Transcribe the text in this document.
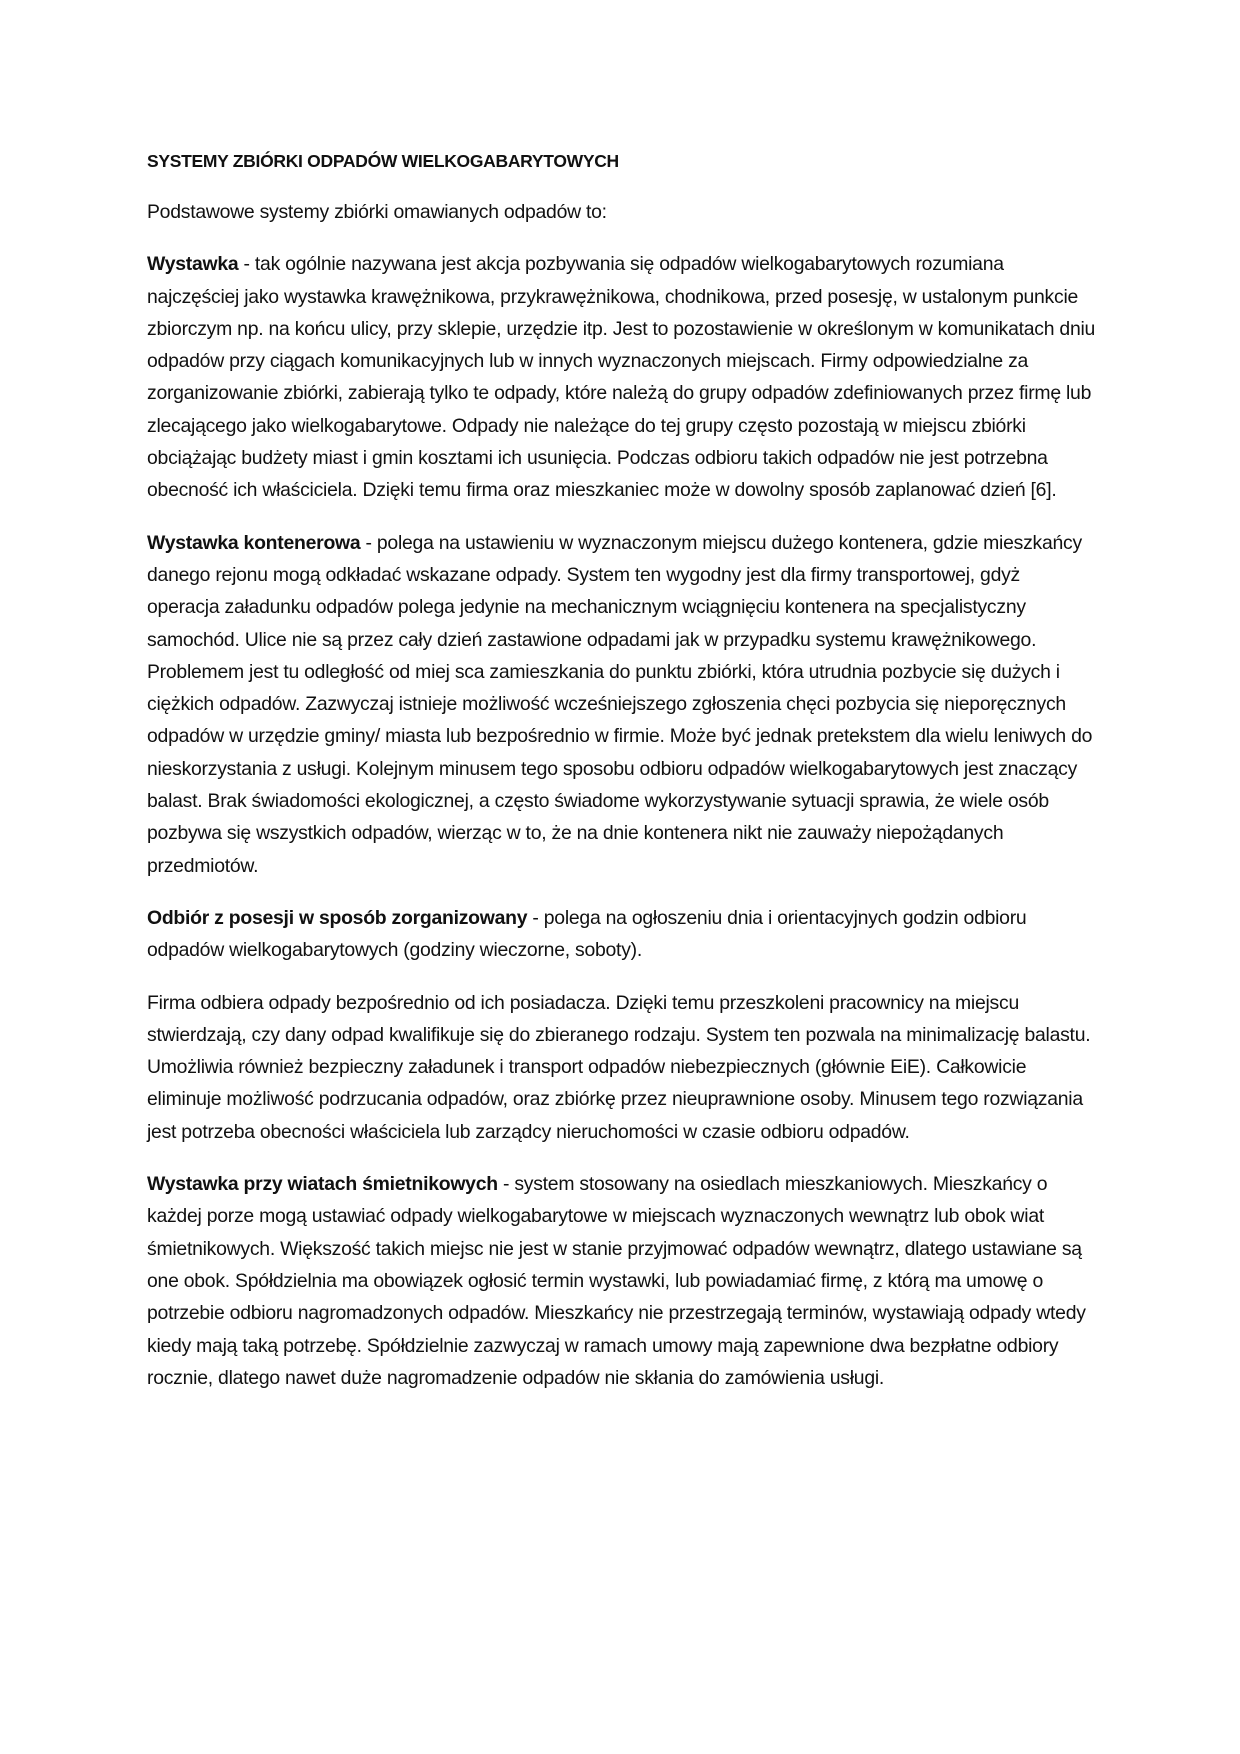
SYSTEMY ZBIÓRKI ODPADÓW WIELKOGABARYTOWYCH

Podstawowe systemy zbiórki omawianych odpadów to:

Wystawka - tak ogólnie nazywana jest akcja pozbywania się odpadów wielkogabarytowych rozumiana najczęściej jako wystawka krawężnikowa, przykrawężnikowa, chodnikowa, przed posesję, w ustalonym punkcie zbiorczym np. na końcu ulicy, przy sklepie, urzędzie itp. Jest to pozostawienie w określonym w komunikatach dniu odpadów przy ciągach komunikacyjnych lub w innych wyznaczonych miejscach. Firmy odpowiedzialne za zorganizowanie zbiórki, zabierają tylko te odpady, które należą do grupy odpadów zdefiniowanych przez firmę lub zlecającego jako wielkogabarytowe. Odpady nie należące do tej grupy często pozostają w miejscu zbiórki obciążając budżety miast i gmin kosztami ich usunięcia. Podczas odbioru takich odpadów nie jest potrzebna obecność ich właściciela. Dzięki temu firma oraz mieszkaniec może w dowolny sposób zaplanować dzień [6].

Wystawka kontenerowa - polega na ustawieniu w wyznaczonym miejscu dużego kontenera, gdzie mieszkańcy danego rejonu mogą odkładać wskazane odpady. System ten wygodny jest dla firmy transportowej, gdyż operacja załadunku odpadów polega jedynie na mechanicznym wciągnięciu kontenera na specjalistyczny samochód. Ulice nie są przez cały dzień zastawione odpadami jak w przypadku systemu krawężnikowego. Problemem jest tu odległość od miej sca zamieszkania do punktu zbiórki, która utrudnia pozbycie się dużych i ciężkich odpadów. Zazwyczaj istnieje możliwość wcześniejszego zgłoszenia chęci pozbycia się nieporęcznych odpadów w urzędzie gminy/ miasta lub bezpośrednio w firmie. Może być jednak pretekstem dla wielu leniwych do nieskorzystania z usługi. Kolejnym minusem tego sposobu odbioru odpadów wielkogabarytowych jest znaczący balast. Brak świadomości ekologicznej, a często świadome wykorzystywanie sytuacji sprawia, że wiele osób pozbywa się wszystkich odpadów, wierząc w to, że na dnie kontenera nikt nie zauważy niepożądanych przedmiotów.

Odbiór z posesji w sposób zorganizowany - polega na ogłoszeniu dnia i orientacyjnych godzin odbioru odpadów wielkogabarytowych (godziny wieczorne, soboty).

Firma odbiera odpady bezpośrednio od ich posiadacza. Dzięki temu przeszkoleni pracownicy na miejscu stwierdzają, czy dany odpad kwalifikuje się do zbieranego rodzaju. System ten pozwala na minimalizację balastu. Umożliwia również bezpieczny załadunek i transport odpadów niebezpiecznych (głównie EiE). Całkowicie eliminuje możliwość podrzucania odpadów, oraz zbiórkę przez nieuprawnione osoby. Minusem tego rozwiązania jest potrzeba obecności właściciela lub zarządcy nieruchomości w czasie odbioru odpadów.

Wystawka przy wiatach śmietnikowych - system stosowany na osiedlach mieszkaniowych. Mieszkańcy o każdej porze mogą ustawiać odpady wielkogabarytowe w miejscach wyznaczonych wewnątrz lub obok wiat śmietnikowych. Większość takich miejsc nie jest w stanie przyjmować odpadów wewnątrz, dlatego ustawiane są one obok. Spółdzielnia ma obowiązek ogłosić termin wystawki, lub powiadamiać firmę, z którą ma umowę o potrzebie odbioru nagromadzonych odpadów. Mieszkańcy nie przestrzegają terminów, wystawiają odpady wtedy kiedy mają taką potrzebę. Spółdzielnie zazwyczaj w ramach umowy mają zapewnione dwa bezpłatne odbiory rocznie, dlatego nawet duże nagromadzenie odpadów nie skłania do zamówienia usługi.
